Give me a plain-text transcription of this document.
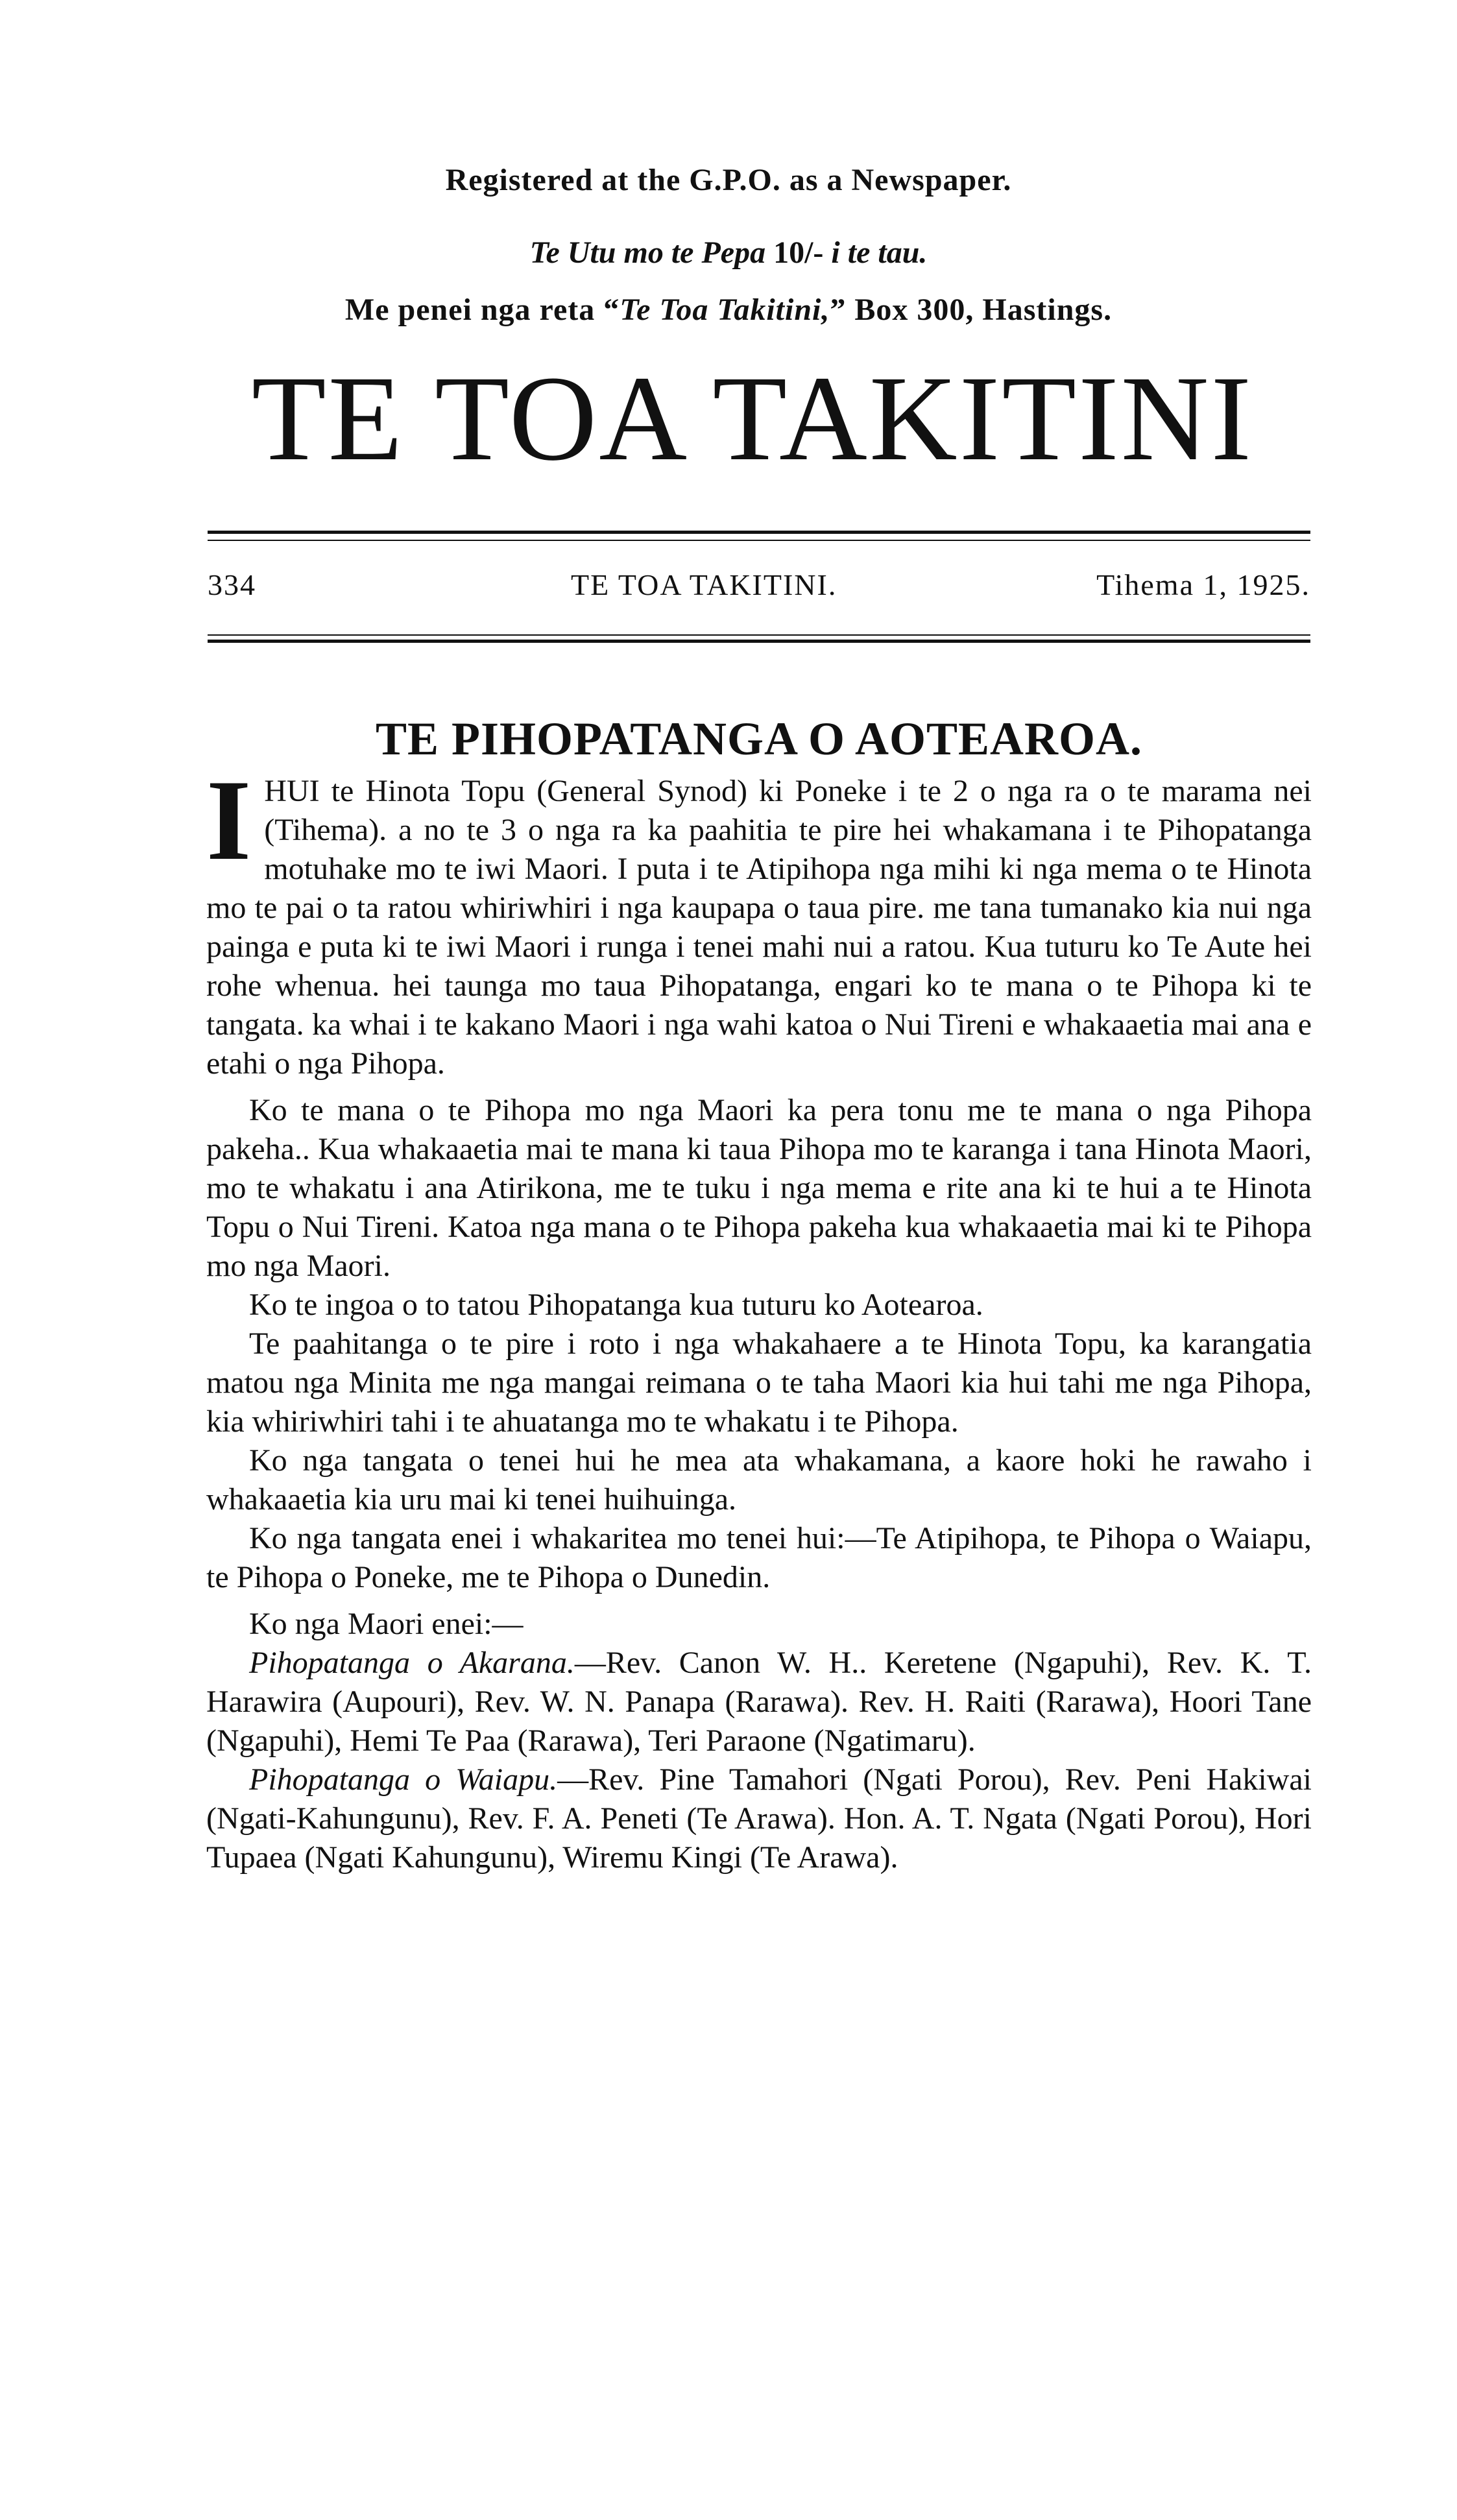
Registered at the G.P.O. as a Newspaper.
Te Utu mo te Pepa 10/- i te tau.
Me penei nga reta “Te Toa Takitini,” Box 300, Hastings.
TE TOA TAKITINI
334	TE TOA TAKITINI.	Tihema 1, 1925.
TE PIHOPATANGA O AOTEAROA.

IHUI te Hinota Topu (General Synod) ki Poneke i te 2 o nga ra o te marama nei (Tihema). a no te 3 o nga ra ka paahitia te pire hei whakamana i te Pihopatanga motuhake mo te iwi Maori. I puta i te Atipihopa nga mihi ki nga mema o te Hinota mo te pai o ta ratou whiriwhiri i nga kaupapa o taua pire. me tana tumanako kia nui nga painga e puta ki te iwi Maori i runga i tenei mahi nui a ratou. Kua tuturu ko Te Aute hei rohe whenua. hei taunga mo taua Pihopatanga, engari ko te mana o te Pihopa ki te tangata. ka whai i te kakano Maori i nga wahi katoa o Nui Tireni e whakaaetia mai ana e etahi o nga Pihopa.

Ko te mana o te Pihopa mo nga Maori ka pera tonu me te mana o nga Pihopa pakeha.. Kua whakaaetia mai te mana ki taua Pihopa mo te karanga i tana Hinota Maori, mo te whakatu i ana Atirikona, me te tuku i nga mema e rite ana ki te hui a te Hinota Topu o Nui Tireni. Katoa nga mana o te Pihopa pakeha kua whakaaetia mai ki te Pihopa mo nga Maori.

Ko te ingoa o to tatou Pihopatanga kua tuturu ko Aotearoa.

Te paahitanga o te pire i roto i nga whakahaere a te Hinota Topu, ka karangatia matou nga Minita me nga mangai reimana o te taha Maori kia hui tahi me nga Pihopa, kia whiriwhiri tahi i te ahuatanga mo te whakatu i te Pihopa.

Ko nga tangata o tenei hui he mea ata whakamana, a kaore hoki he rawaho i whakaaetia kia uru mai ki tenei huihuinga.

Ko nga tangata enei i whakaritea mo tenei hui:—Te Atipihopa, te Pihopa o Waiapu, te Pihopa o Poneke, me te Pihopa o Dunedin.

Ko nga Maori enei:—

Pihopatanga o Akarana.—Rev. Canon W. H.. Keretene (Ngapuhi), Rev. K. T. Harawira (Aupouri), Rev. W. N. Panapa (Rarawa). Rev. H. Raiti (Rarawa), Hoori Tane (Ngapuhi), Hemi Te Paa (Rarawa), Teri Paraone (Ngatimaru).

Pihopatanga o Waiapu.—Rev. Pine Tamahori (Ngati Porou), Rev. Peni Hakiwai (Ngati-Kahungunu), Rev. F. A. Peneti (Te Arawa). Hon. A. T. Ngata (Ngati Porou), Hori Tupaea (Ngati Kahungunu), Wiremu Kingi (Te Arawa).
